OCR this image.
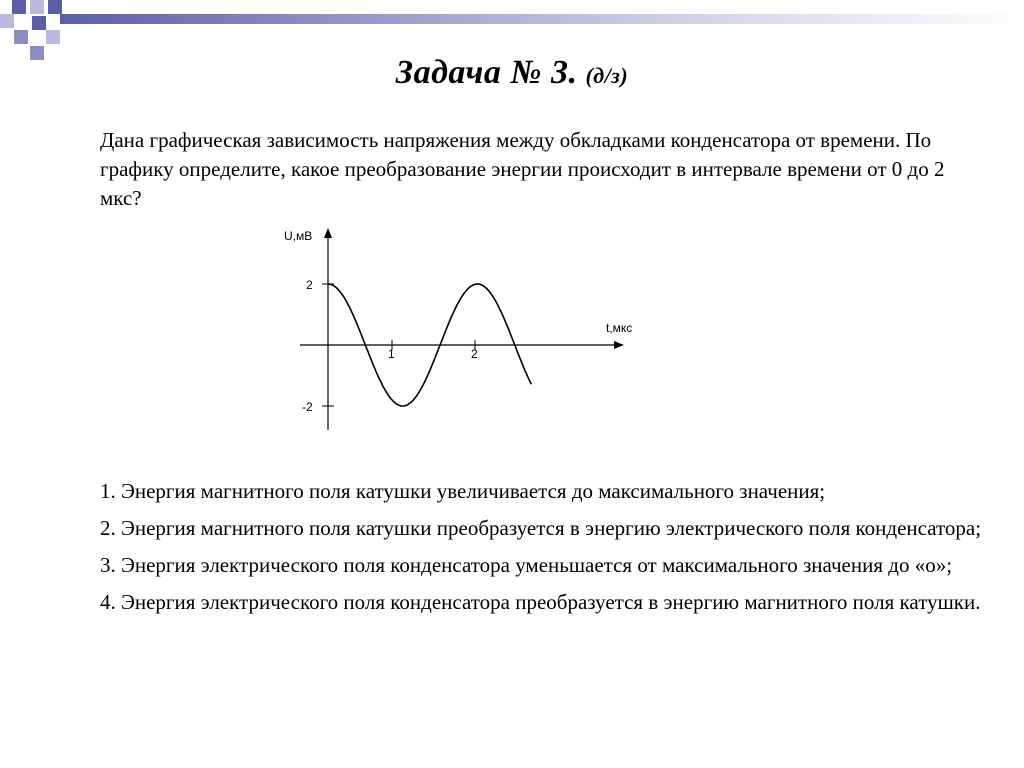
Задача № 3. (д/з)

Дана графическая зависимость напряжения между обкладками конденсатора от времени. По графику определите, какое преобразование энергии происходит в интервале времени от 0 до 2 мкс?

U,мВ
t,мкс
2
-2
1	2
1. Энергия магнитного поля катушки увеличивается до максимального значения;
2. Энергия магнитного поля катушки преобразуется в энергию электрического поля конденсатора;
3. Энергия электрического поля конденсатора уменьшается от максимального значения до «о»;
4. Энергия электрического поля конденсатора преобразуется в энергию магнитного поля катушки.
